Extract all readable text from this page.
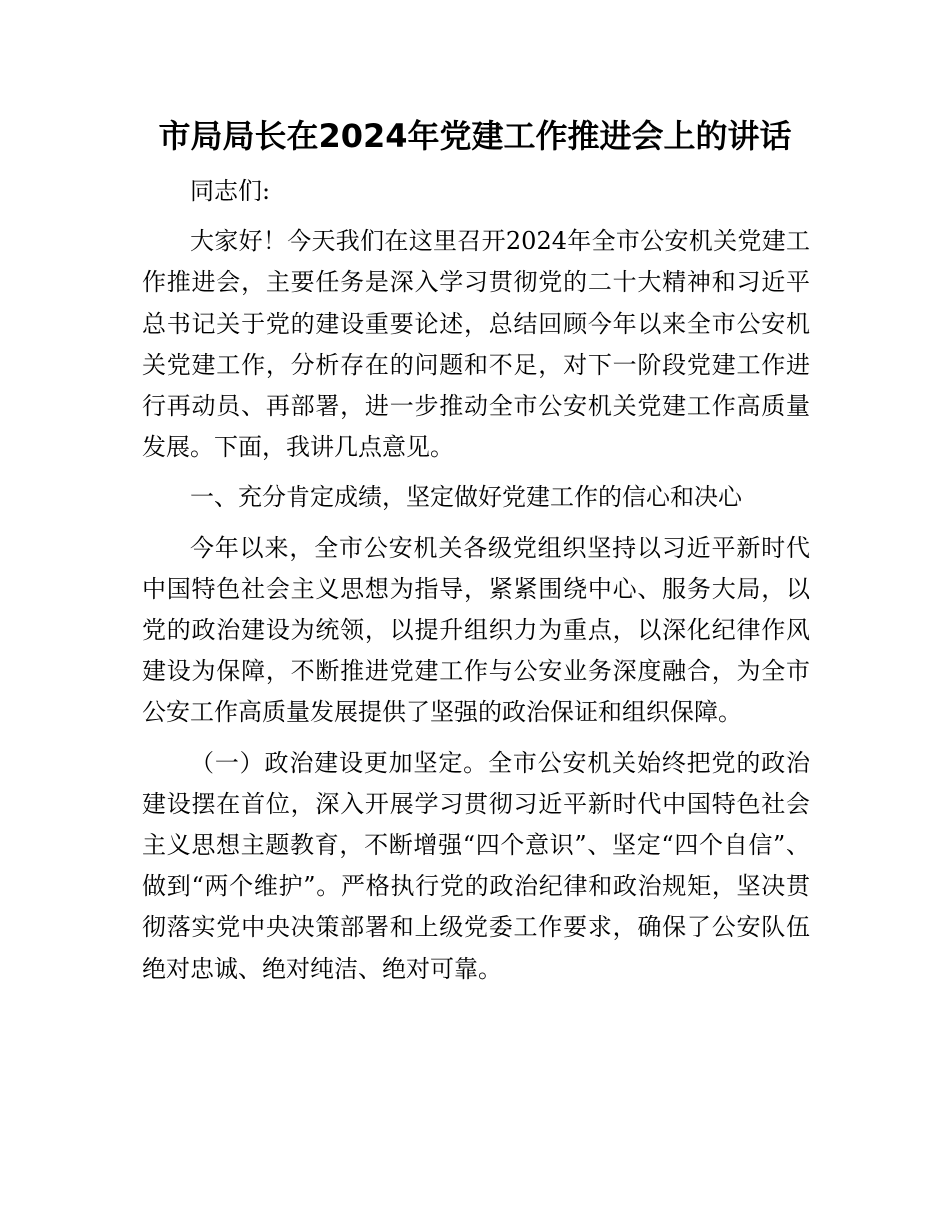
市局局长在2024年党建工作推进会上的讲话

同志们:

大家好！今天我们在这里召开2024年全市公安机关党建工作推进会，主要任务是深入学习贯彻党的二十大精神和习近平总书记关于党的建设重要论述，总结回顾今年以来全市公安机关党建工作，分析存在的问题和不足，对下一阶段党建工作进行再动员、再部署，进一步推动全市公安机关党建工作高质量发展。下面，我讲几点意见。

一、充分肯定成绩，坚定做好党建工作的信心和决心

今年以来，全市公安机关各级党组织坚持以习近平新时代中国特色社会主义思想为指导，紧紧围绕中心、服务大局，以党的政治建设为统领，以提升组织力为重点，以深化纪律作风建设为保障，不断推进党建工作与公安业务深度融合，为全市公安工作高质量发展提供了坚强的政治保证和组织保障。

（一）政治建设更加坚定。全市公安机关始终把党的政治建设摆在首位，深入开展学习贯彻习近平新时代中国特色社会主义思想主题教育，不断增强“四个意识”、坚定“四个自信”、做到“两个维护”。严格执行党的政治纪律和政治规矩，坚决贯彻落实党中央决策部署和上级党委工作要求，确保了公安队伍绝对忠诚、绝对纯洁、绝对可靠。
